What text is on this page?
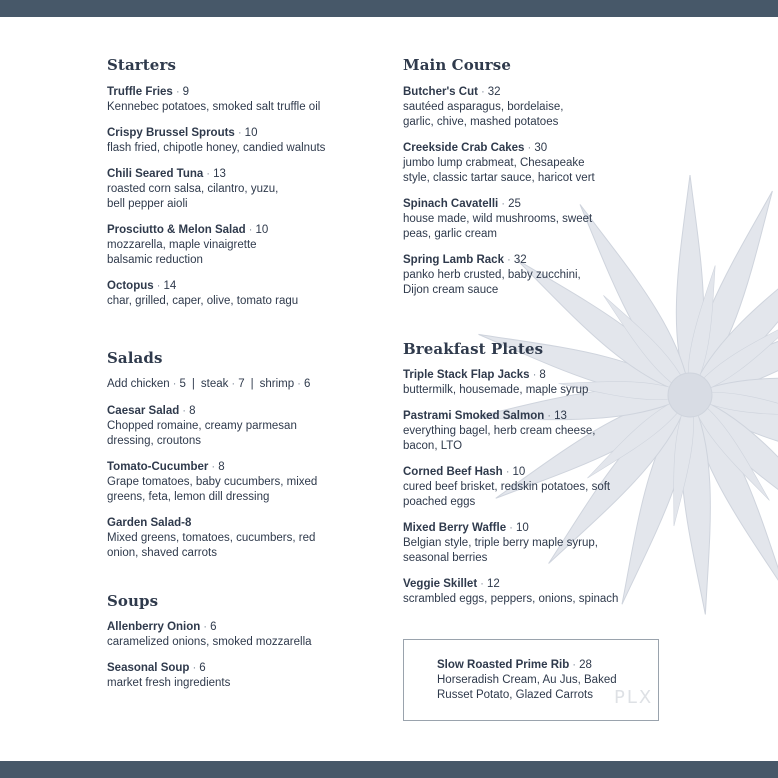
Starters
Truffle Fries · 9
Kennebec potatoes, smoked salt truffle oil
Crispy Brussel Sprouts · 10
flash fried, chipotle honey, candied walnuts
Chili Seared Tuna · 13
roasted corn salsa, cilantro, yuzu, bell pepper aioli
Prosciutto & Melon Salad · 10
mozzarella, maple vinaigrette balsamic reduction
Octopus · 14
char, grilled, caper, olive, tomato ragu
Salads
Add chicken · 5 | steak · 7 | shrimp · 6
Caesar Salad · 8
Chopped romaine, creamy parmesan dressing, croutons
Tomato-Cucumber · 8
Grape tomatoes, baby cucumbers, mixed greens, feta, lemon dill dressing
Garden Salad-8
Mixed greens, tomatoes, cucumbers, red onion, shaved carrots
Soups
Allenberry Onion · 6
caramelized onions, smoked mozzarella
Seasonal Soup · 6
market fresh ingredients
Main Course
Butcher's Cut · 32
sautéed asparagus, bordelaise, garlic, chive, mashed potatoes
Creekside Crab Cakes · 30
jumbo lump crabmeat, Chesapeake style, classic tartar sauce, haricot vert
Spinach Cavatelli · 25
house made, wild mushrooms, sweet peas, garlic cream
Spring Lamb Rack · 32
panko herb crusted, baby zucchini, Dijon cream sauce
Breakfast Plates
Triple Stack Flap Jacks · 8
buttermilk, housemade, maple syrup
Pastrami Smoked Salmon · 13
everything bagel, herb cream cheese, bacon, LTO
Corned Beef Hash · 10
cured beef brisket, redskin potatoes, soft poached eggs
Mixed Berry Waffle · 10
Belgian style, triple berry maple syrup, seasonal berries
Veggie Skillet · 12
scrambled eggs, peppers, onions, spinach
Slow Roasted Prime Rib · 28
Horseradish Cream, Au Jus, Baked Russet Potato, Glazed Carrots	PLX
